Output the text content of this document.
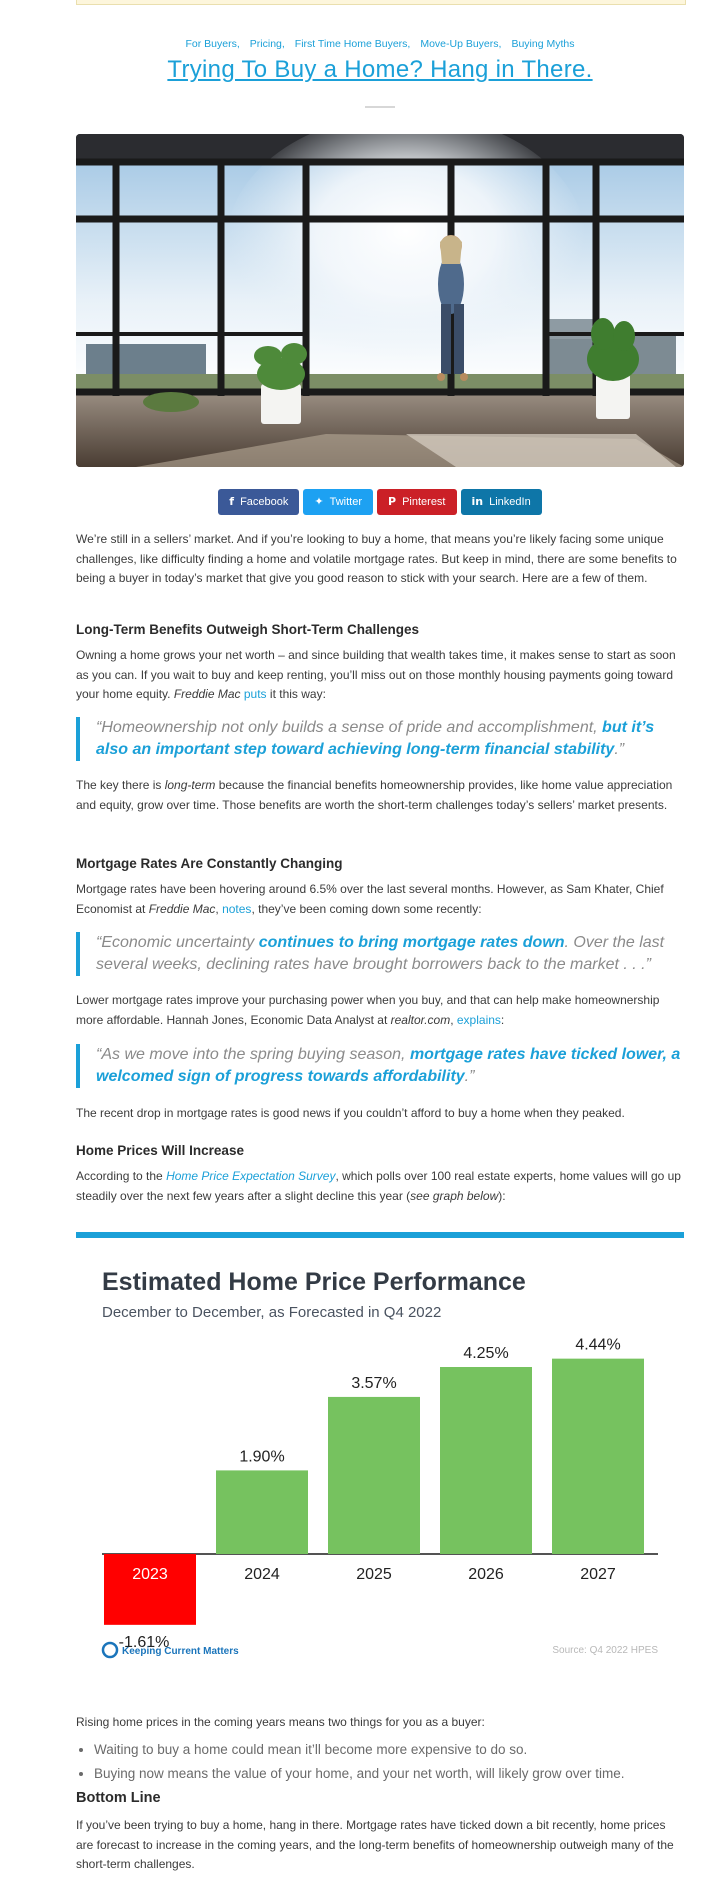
For Buyers, Pricing, First Time Home Buyers, Move-Up Buyers, Buying Myths
Trying To Buy a Home? Hang in There.
f Facebook ✦ Twitter P Pinterest in LinkedIn

We’re still in a sellers’ market. And if you’re looking to buy a home, that means you’re likely facing some unique challenges, like difficulty finding a home and volatile mortgage rates. But keep in mind, there are some benefits to being a buyer in today’s market that give you good reason to stick with your search. Here are a few of them.

Long-Term Benefits Outweigh Short-Term Challenges

Owning a home grows your net worth – and since building that wealth takes time, it makes sense to start as soon as you can. If you wait to buy and keep renting, you’ll miss out on those monthly housing payments going toward your home equity. Freddie Mac puts it this way:

“Homeownership not only builds a sense of pride and accomplishment, but it’s also an important step toward achieving long-term financial stability.”

The key there is long-term because the financial benefits homeownership provides, like home value appreciation and equity, grow over time. Those benefits are worth the short-term challenges today’s sellers’ market presents.

Mortgage Rates Are Constantly Changing

Mortgage rates have been hovering around 6.5% over the last several months. However, as Sam Khater, Chief Economist at Freddie Mac, notes, they’ve been coming down some recently:

“Economic uncertainty continues to bring mortgage rates down. Over the last several weeks, declining rates have brought borrowers back to the market . . .”

Lower mortgage rates improve your purchasing power when you buy, and that can help make homeownership more affordable. Hannah Jones, Economic Data Analyst at realtor.com, explains:

“As we move into the spring buying season, mortgage rates have ticked lower, a welcomed sign of progress towards affordability.”

The recent drop in mortgage rates is good news if you couldn’t afford to buy a home when they peaked.

Home Prices Will Increase

According to the Home Price Expectation Survey, which polls over 100 real estate experts, home values will go up steadily over the next few years after a slight decline this year (see graph below):

Estimated Home Price Performance
December to December, as Forecasted in Q4 2022
2023
-1.61%
2024
1.90%
2025
3.57%
2026
4.25%
2027
4.44%
Keeping Current Matters	Source: Q4 2022 HPES

Rising home prices in the coming years means two things for you as a buyer:

• Waiting to buy a home could mean it’ll become more expensive to do so.
• Buying now means the value of your home, and your net worth, will likely grow over time.
Bottom Line

If you’ve been trying to buy a home, hang in there. Mortgage rates have ticked down a bit recently, home prices are forecast to increase in the coming years, and the long-term benefits of homeownership outweigh many of the short-term challenges.
